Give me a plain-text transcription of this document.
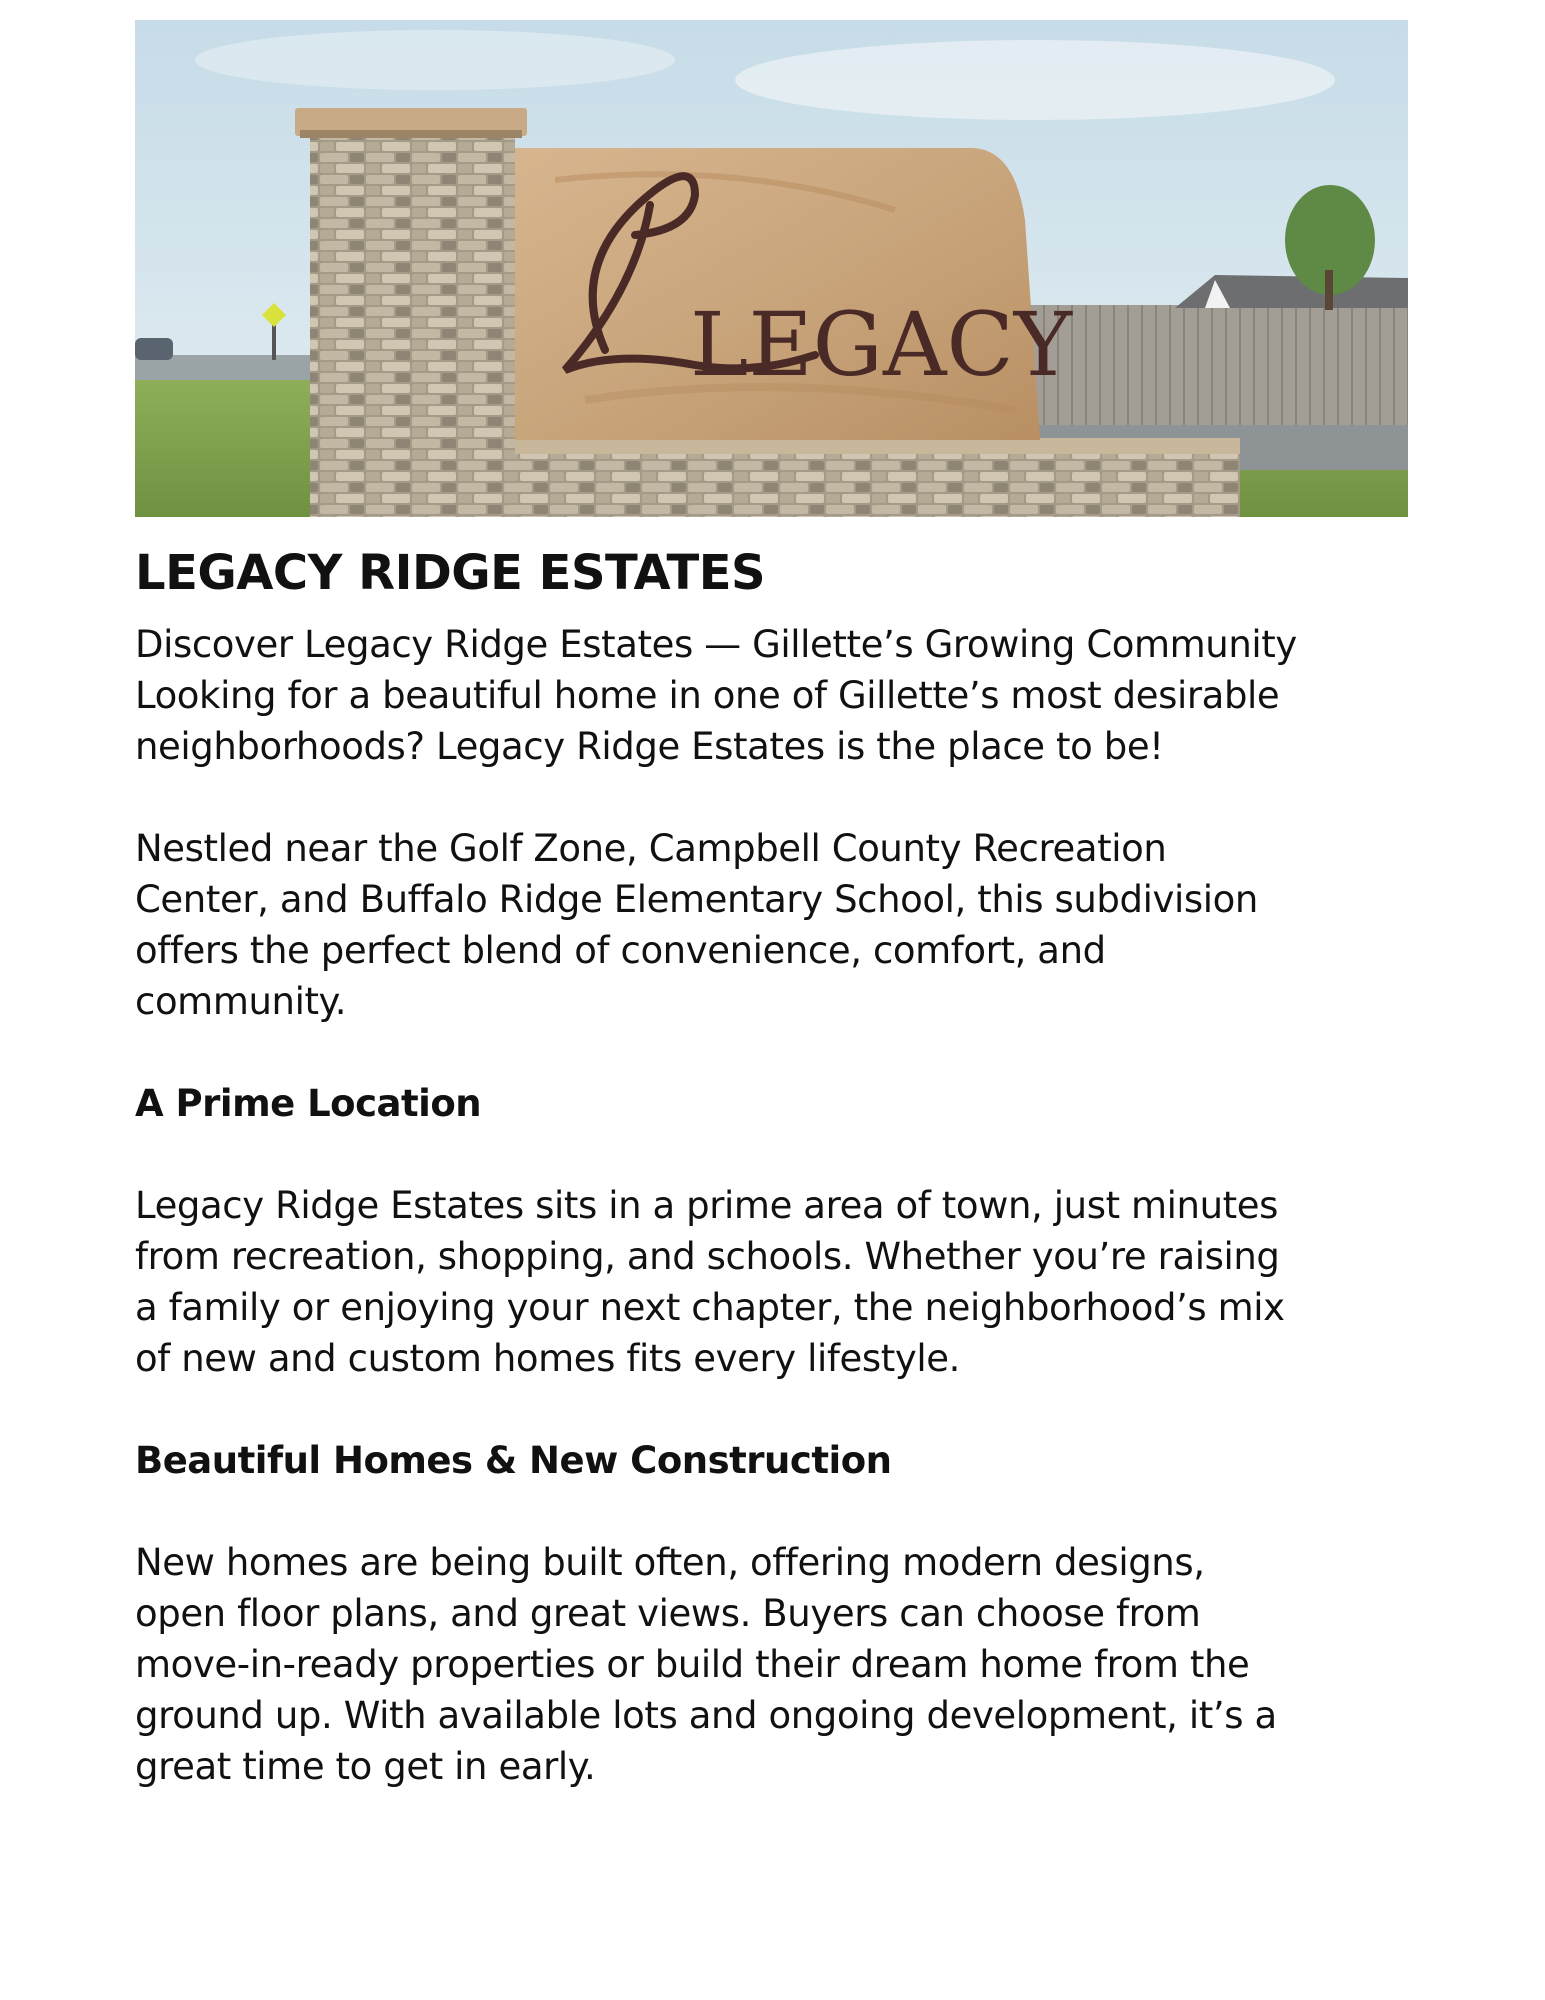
LEGACY
LEGACY RIDGE ESTATES

Discover Legacy Ridge Estates — Gillette’s Growing Community
Looking for a beautiful home in one of Gillette’s most desirable
neighborhoods? Legacy Ridge Estates is the place to be!

Nestled near the Golf Zone, Campbell County Recreation
Center, and Buffalo Ridge Elementary School, this subdivision
offers the perfect blend of convenience, comfort, and
community.

A Prime Location

Legacy Ridge Estates sits in a prime area of town, just minutes
from recreation, shopping, and schools. Whether you’re raising
a family or enjoying your next chapter, the neighborhood’s mix
of new and custom homes fits every lifestyle.

Beautiful Homes & New Construction

New homes are being built often, offering modern designs,
open floor plans, and great views. Buyers can choose from
move-in-ready properties or build their dream home from the
ground up. With available lots and ongoing development, it’s a
great time to get in early.
